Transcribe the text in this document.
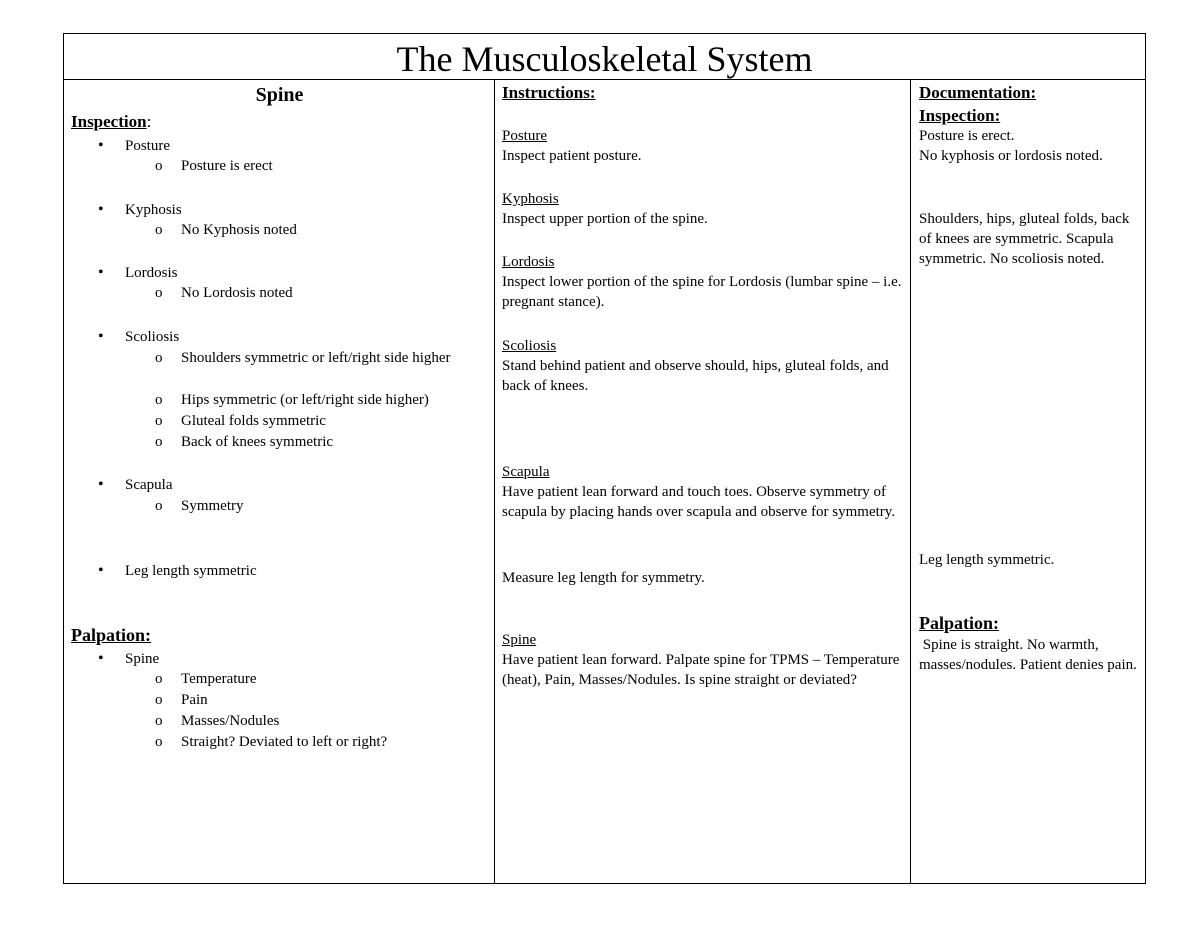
The Musculoskeletal System
Spine
Inspection:
• Posture
o Posture is erect
• Kyphosis
o No Kyphosis noted
• Lordosis
o No Lordosis noted
• Scoliosis
o Shoulders symmetric or left/right side higher
o Hips symmetric (or left/right side higher)
o Gluteal folds symmetric
o Back of knees symmetric
• Scapula
o Symmetry
• Leg length symmetric
Palpation:
• Spine
o Temperature
o Pain
o Masses/Nodules
o Straight? Deviated to left or right?
Instructions:
Posture
Inspect patient posture.
Kyphosis
Inspect upper portion of the spine.
Lordosis
Inspect lower portion of the spine for Lordosis (lumbar spine – i.e. pregnant stance).
Scoliosis
Stand behind patient and observe should, hips, gluteal folds, and back of knees.
Scapula
Have patient lean forward and touch toes. Observe symmetry of scapula by placing hands over scapula and observe for symmetry.
Measure leg length for symmetry.
Spine
Have patient lean forward. Palpate spine for TPMS – Temperature (heat), Pain, Masses/Nodules. Is spine straight or deviated?
Documentation:
Inspection:
Posture is erect.
No kyphosis or lordosis noted.
Shoulders, hips, gluteal folds, back of knees are symmetric. Scapula symmetric. No scoliosis noted.
Leg length symmetric.
Palpation:
Spine is straight. No warmth, masses/nodules. Patient denies pain.
